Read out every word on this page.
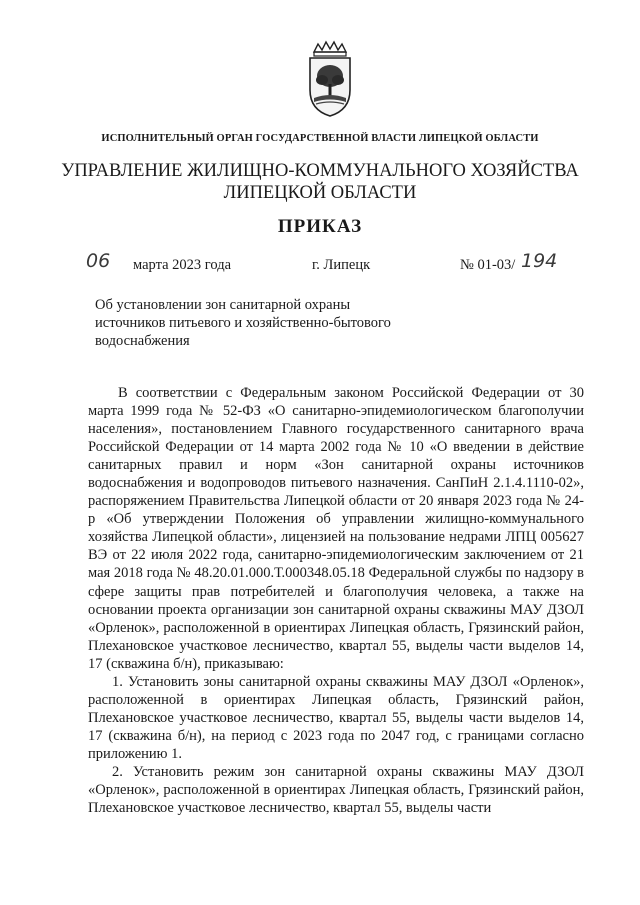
ИСПОЛНИТЕЛЬНЫЙ ОРГАН ГОСУДАРСТВЕННОЙ ВЛАСТИ ЛИПЕЦКОЙ ОБЛАСТИ
УПРАВЛЕНИЕ ЖИЛИЩНО-КОММУНАЛЬНОГО ХОЗЯЙСТВА
ЛИПЕЦКОЙ ОБЛАСТИ
ПРИКАЗ
06 марта 2023 года	г. Липецк	№ 01-03/ 194
Об установлении зон санитарной охраны
источников питьевого и хозяйственно-бытового
водоснабжения

В соответствии с Федеральным законом Российской Федерации от 30 марта 1999 года № 52-ФЗ «О санитарно-эпидемиологическом благополучии населения», постановлением Главного государственного санитарного врача Российской Федерации от 14 марта 2002 года № 10 «О введении в действие санитарных правил и норм «Зон санитарной охраны источников водоснабжения и водопроводов питьевого назначения. СанПиН 2.1.4.1110-02», распоряжением Правительства Липецкой области от 20 января 2023 года № 24-р «Об утверждении Положения об управлении жилищно-коммунального хозяйства Липецкой области», лицензией на пользование недрами ЛПЦ 005627 ВЭ от 22 июля 2022 года, санитарно-эпидемиологическим заключением от 21 мая 2018 года № 48.20.01.000.Т.000348.05.18 Федеральной службы по надзору в сфере защиты прав потребителей и благополучия человека, а также на основании проекта организации зон санитарной охраны скважины МАУ ДЗОЛ «Орленок», расположенной в ориентирах Липецкая область, Грязинский район, Плехановское участковое лесничество, квартал 55, выделы части выделов 14, 17 (скважина б/н), приказываю:

1. Установить зоны санитарной охраны скважины МАУ ДЗОЛ «Орленок», расположенной в ориентирах Липецкая область, Грязинский район, Плехановское участковое лесничество, квартал 55, выделы части выделов 14, 17 (скважина б/н), на период с 2023 года по 2047 год, с границами согласно приложению 1.

2. Установить режим зон санитарной охраны скважины МАУ ДЗОЛ «Орленок», расположенной в ориентирах Липецкая область, Грязинский район, Плехановское участковое лесничество, квартал 55, выделы части
